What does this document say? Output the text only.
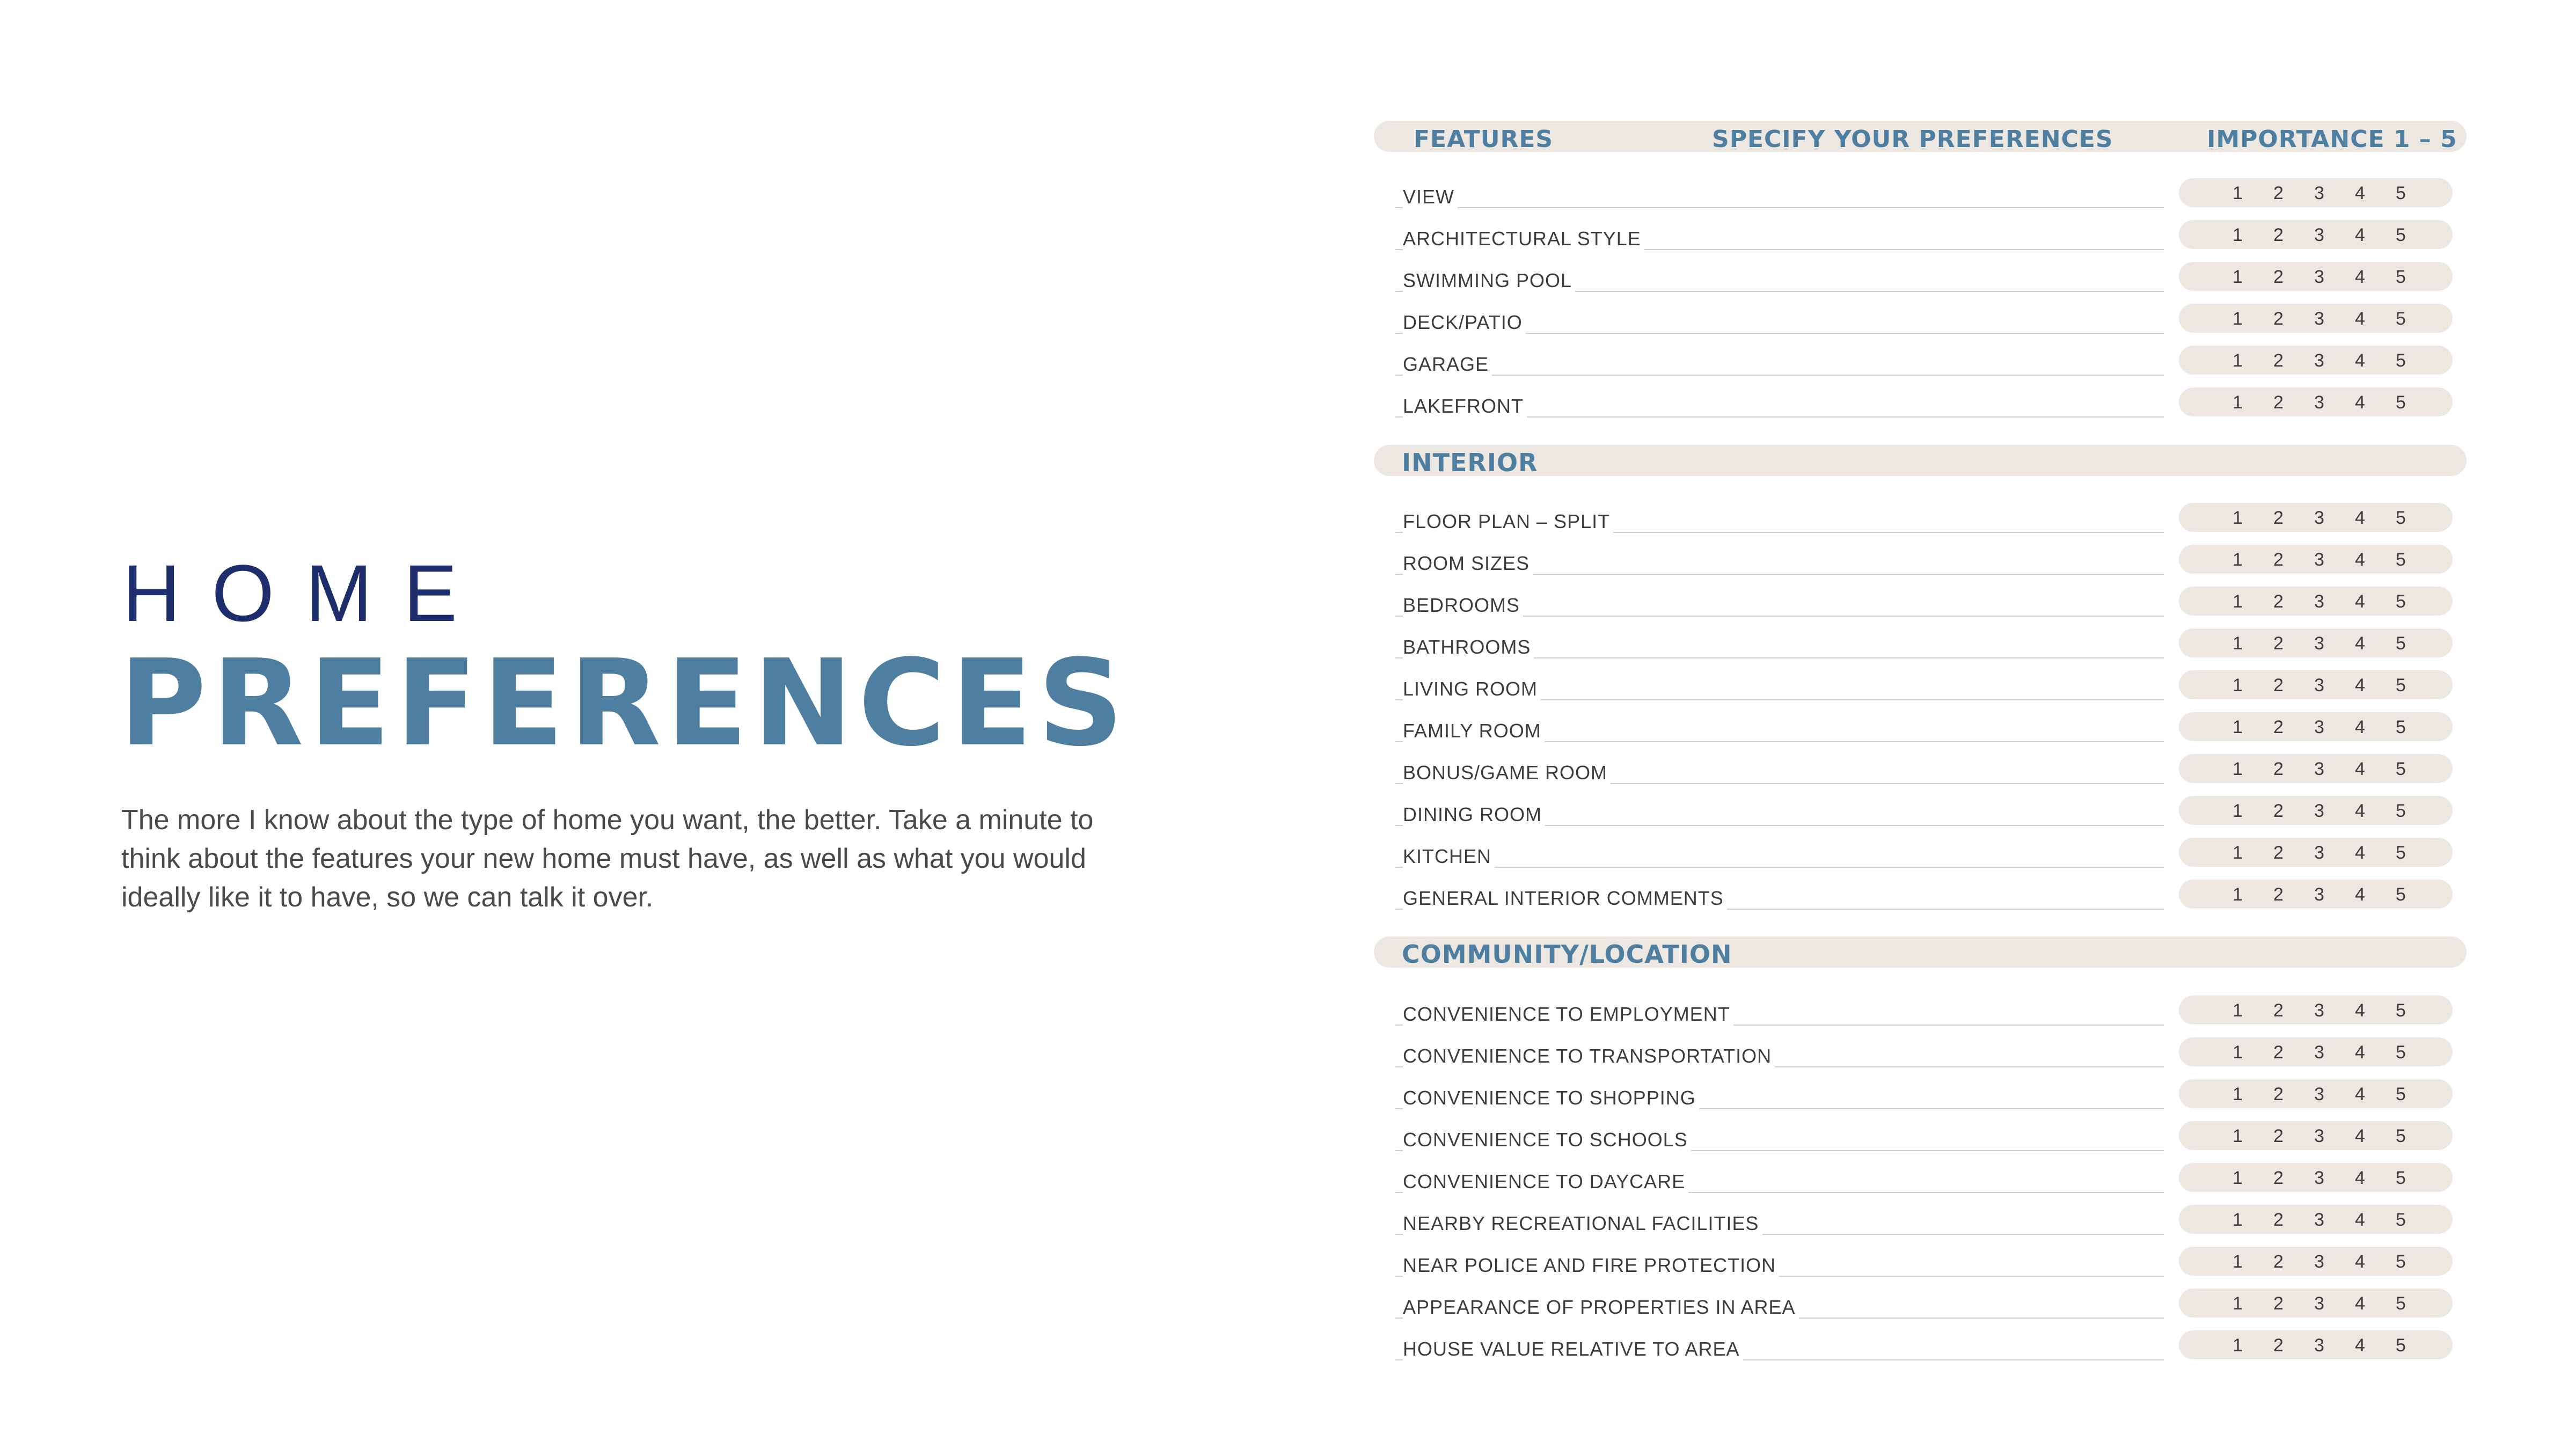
HOME
PREFERENCES
The more I know about the type of home you want, the better. Take a minute to think about the features your new home must have, as well as what you would ideally like it to have, so we can talk it over.
FEATURES	SPECIFY YOUR PREFERENCES	IMPORTANCE 1 – 5
INTERIOR
COMMUNITY/LOCATION
VIEW	1 2 3 4 5
ARCHITECTURAL STYLE	1 2 3 4 5
SWIMMING POOL	1 2 3 4 5
DECK/PATIO	1 2 3 4 5
GARAGE	1 2 3 4 5
LAKEFRONT	1 2 3 4 5
FLOOR PLAN – SPLIT	1 2 3 4 5
ROOM SIZES	1 2 3 4 5
BEDROOMS	1 2 3 4 5
BATHROOMS	1 2 3 4 5
LIVING ROOM	1 2 3 4 5
FAMILY ROOM	1 2 3 4 5
BONUS/GAME ROOM	1 2 3 4 5
DINING ROOM	1 2 3 4 5
KITCHEN	1 2 3 4 5
GENERAL INTERIOR COMMENTS	1 2 3 4 5
CONVENIENCE TO EMPLOYMENT	1 2 3 4 5
CONVENIENCE TO TRANSPORTATION	1 2 3 4 5
CONVENIENCE TO SHOPPING	1 2 3 4 5
CONVENIENCE TO SCHOOLS	1 2 3 4 5
CONVENIENCE TO DAYCARE	1 2 3 4 5
NEARBY RECREATIONAL FACILITIES	1 2 3 4 5
NEAR POLICE AND FIRE PROTECTION	1 2 3 4 5
APPEARANCE OF PROPERTIES IN AREA	1 2 3 4 5
HOUSE VALUE RELATIVE TO AREA	1 2 3 4 5
